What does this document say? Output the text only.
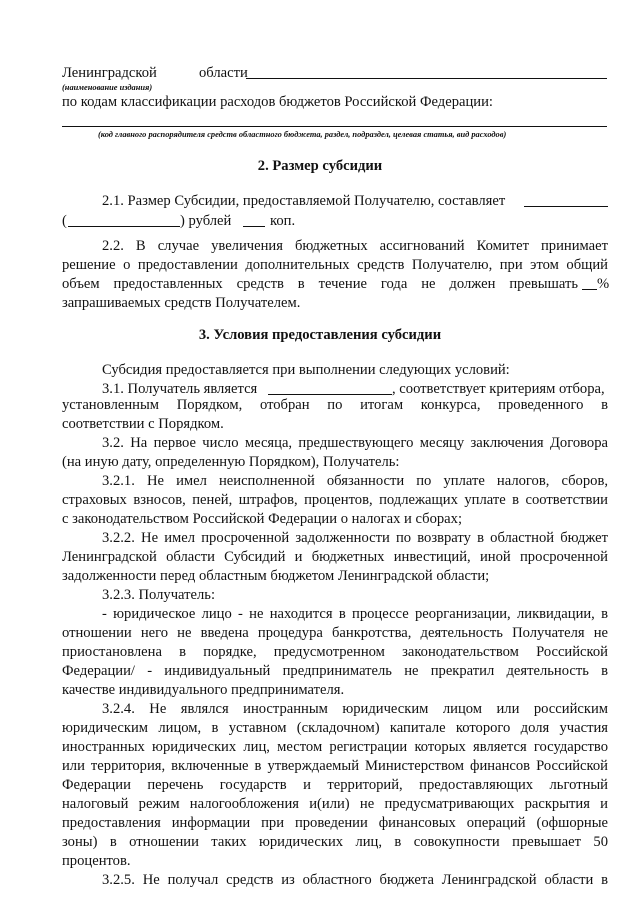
Ленинградской	области
(наименование издания)
по кодам классификации расходов бюджетов Российской Федерации:
(код главного распорядителя средств областного бюджета, раздел, подраздел, целевая статья, вид расходов)
2. Размер субсидии
2.1. Размер Субсидии, предоставляемой Получателю, составляет
(	) рублей	коп.
2.2. В случае увеличения бюджетных ассигнований Комитет принимает
решение о предоставлении дополнительных средств Получателю, при этом общий
объем предоставленных средств в течение года не должен превышать %
запрашиваемых средств Получателем.
3. Условия предоставления субсидии
Субсидия предоставляется при выполнении следующих условий:
3.1. Получатель является	, соответствует критериям отбора,
установленным Порядком, отобран по итогам конкурса, проведенного в
соответствии с Порядком.
3.2. На первое число месяца, предшествующего месяцу заключения Договора
(на иную дату, определенную Порядком), Получатель:
3.2.1. Не имел неисполненной обязанности по уплате налогов, сборов,
страховых взносов, пеней, штрафов, процентов, подлежащих уплате в соответствии
с законодательством Российской Федерации о налогах и сборах;
3.2.2. Не имел просроченной задолженности по возврату в областной бюджет
Ленинградской области Субсидий и бюджетных инвестиций, иной просроченной
задолженности перед областным бюджетом Ленинградской области;
3.2.3. Получатель:
- юридическое лицо - не находится в процессе реорганизации, ликвидации, в
отношении него не введена процедура банкротства, деятельность Получателя не
приостановлена в порядке, предусмотренном законодательством Российской
Федерации/ - индивидуальный предприниматель не прекратил деятельность в
качестве индивидуального предпринимателя.
3.2.4. Не являлся иностранным юридическим лицом или российским
юридическим лицом, в уставном (складочном) капитале которого доля участия
иностранных юридических лиц, местом регистрации которых является государство
или территория, включенные в утверждаемый Министерством финансов Российской
Федерации перечень государств и территорий, предоставляющих льготный
налоговый режим налогообложения и(или) не предусматривающих раскрытия и
предоставления информации при проведении финансовых операций (офшорные
зоны) в отношении таких юридических лиц, в совокупности превышает 50
процентов.
3.2.5. Не получал средств из областного бюджета Ленинградской области в
